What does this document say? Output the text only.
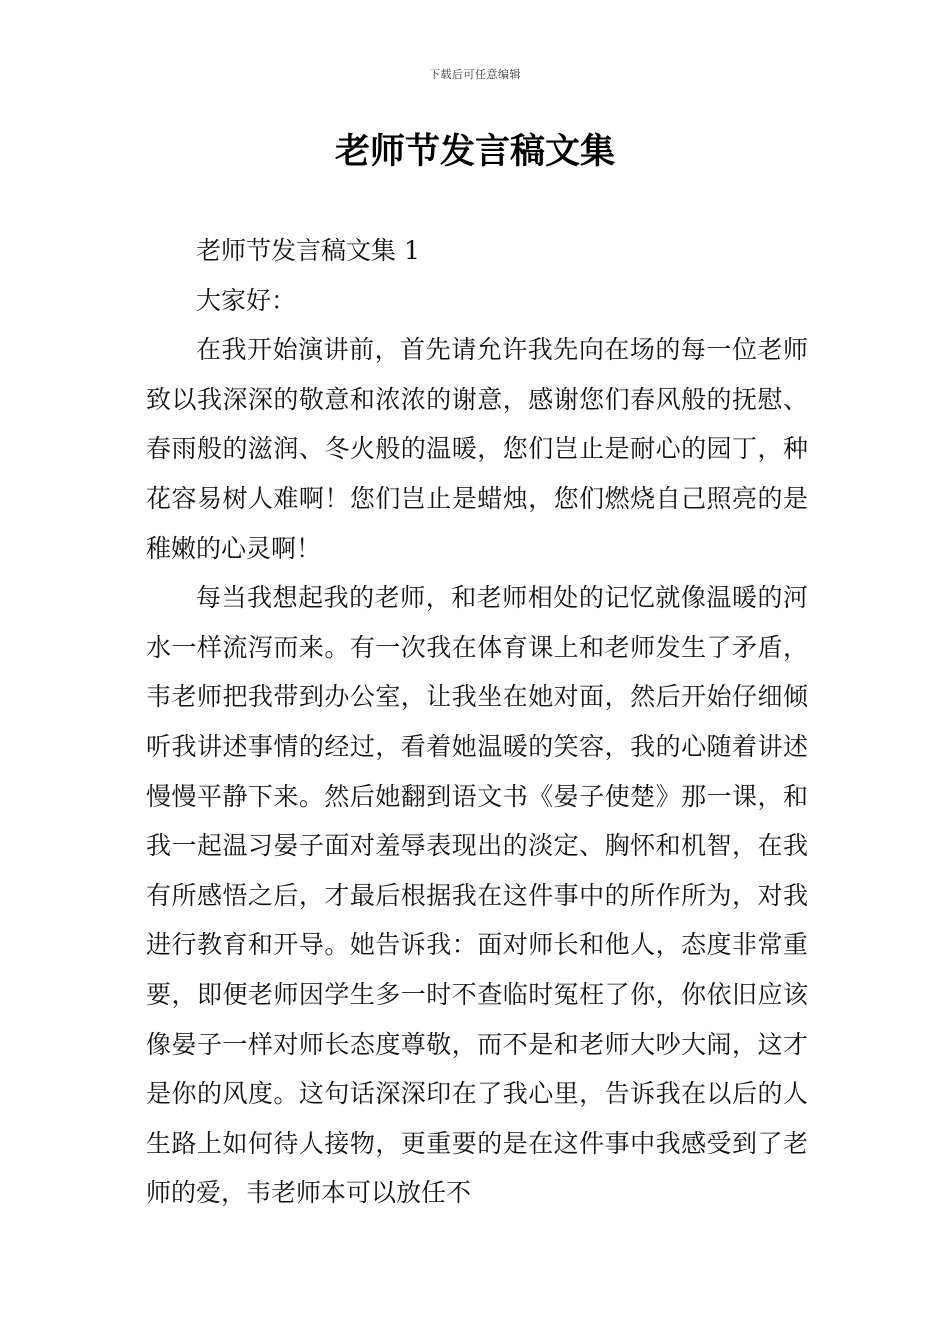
下载后可任意编辑
老师节发言稿文集

老师节发言稿文集 1

大家好：

在我开始演讲前，首先请允许我先向在场的每一位老师致以我深深的敬意和浓浓的谢意，感谢您们春风般的抚慰、春雨般的滋润、冬火般的温暖，您们岂止是耐心的园丁，种花容易树人难啊！您们岂止是蜡烛，您们燃烧自己照亮的是稚嫩的心灵啊！

每当我想起我的老师，和老师相处的记忆就像温暖的河水一样流泻而来。有一次我在体育课上和老师发生了矛盾，韦老师把我带到办公室，让我坐在她对面，然后开始仔细倾听我讲述事情的经过，看着她温暖的笑容，我的心随着讲述慢慢平静下来。然后她翻到语文书《晏子使楚》那一课，和我一起温习晏子面对羞辱表现出的淡定、胸怀和机智，在我有所感悟之后，才最后根据我在这件事中的所作所为，对我进行教育和开导。她告诉我：面对师长和他人，态度非常重要，即便老师因学生多一时不查临时冤枉了你，你依旧应该像晏子一样对师长态度尊敬，而不是和老师大吵大闹，这才是你的风度。这句话深深印在了我心里，告诉我在以后的人生路上如何待人接物，更重要的是在这件事中我感受到了老师的爱，韦老师本可以放任不
